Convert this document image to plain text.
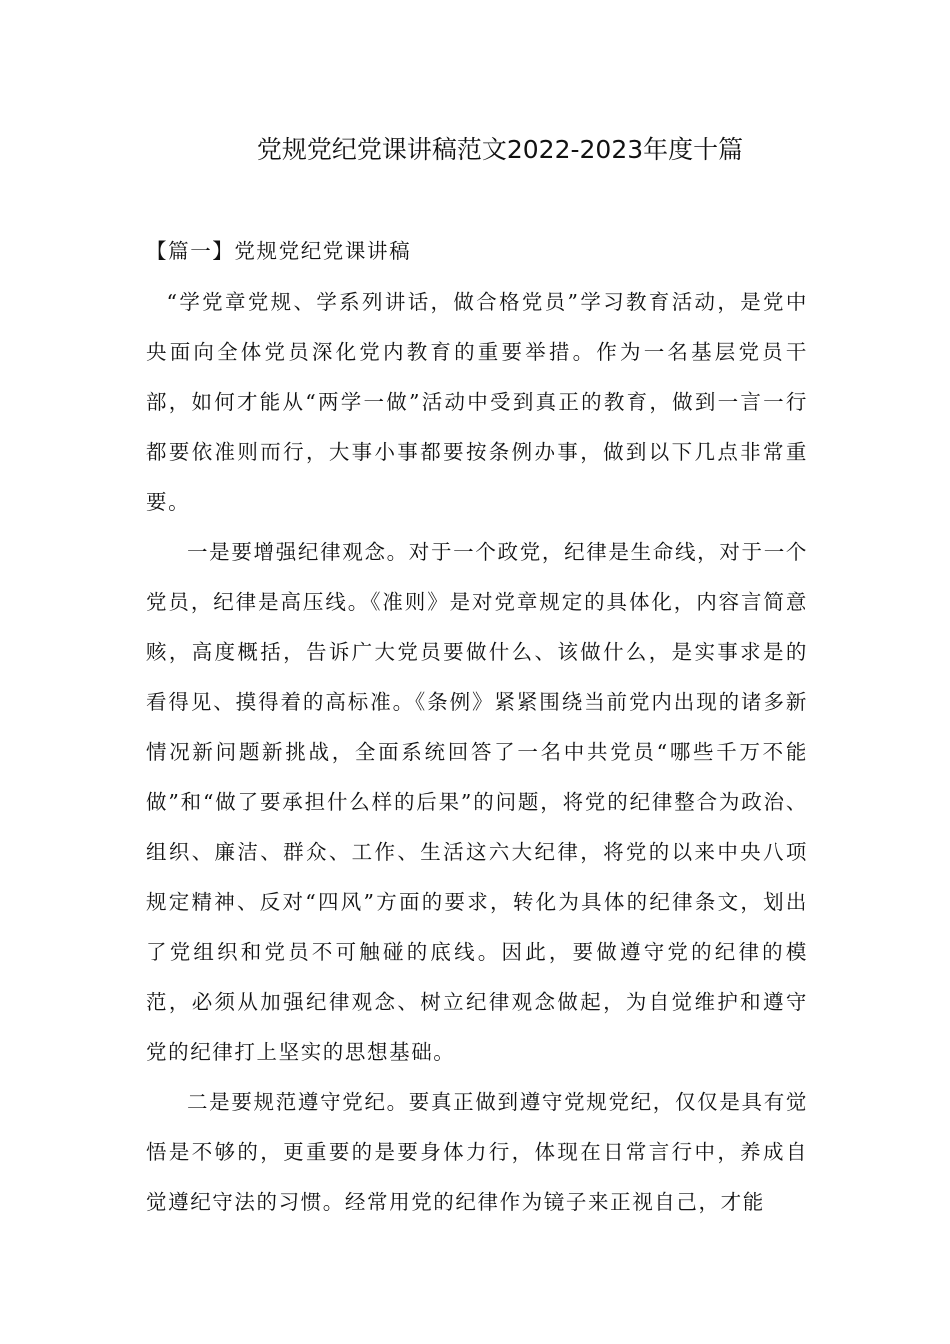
党规党纪党课讲稿范文2022-2023年度十篇

【篇一】党规党纪党课讲稿

“学党章党规、学系列讲话，做合格党员”学习教育活动，是党中央面向全体党员深化党内教育的重要举措。作为一名基层党员干部，如何才能从“两学一做”活动中受到真正的教育，做到一言一行都要依准则而行，大事小事都要按条例办事，做到以下几点非常重要。

一是要增强纪律观念。对于一个政党，纪律是生命线，对于一个党员，纪律是高压线。《准则》是对党章规定的具体化，内容言简意赅，高度概括，告诉广大党员要做什么、该做什么，是实事求是的看得见、摸得着的高标准。《条例》紧紧围绕当前党内出现的诸多新情况新问题新挑战，全面系统回答了一名中共党员“哪些千万不能做”和“做了要承担什么样的后果”的问题，将党的纪律整合为政治、组织、廉洁、群众、工作、生活这六大纪律，将党的以来中央八项规定精神、反对“四风”方面的要求，转化为具体的纪律条文，划出了党组织和党员不可触碰的底线。因此，要做遵守党的纪律的模范，必须从加强纪律观念、树立纪律观念做起，为自觉维护和遵守党的纪律打上坚实的思想基础。

二是要规范遵守党纪。要真正做到遵守党规党纪，仅仅是具有觉悟是不够的，更重要的是要身体力行，体现在日常言行中，养成自觉遵纪守法的习惯。经常用党的纪律作为镜子来正视自己，才能
